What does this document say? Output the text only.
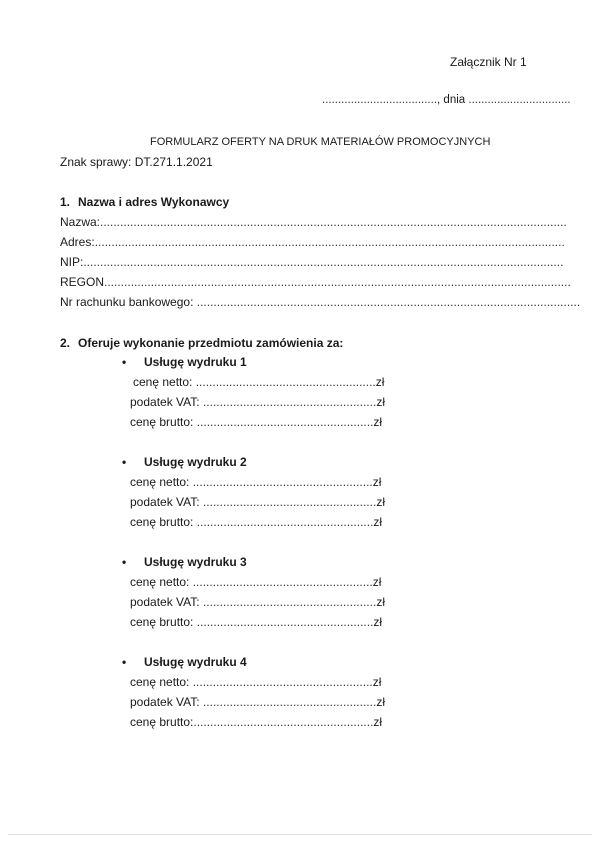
Załącznik Nr 1
...................................., dnia ................................
FORMULARZ OFERTY NA DRUK MATERIAŁÓW PROMOCYJNYCH
Znak sprawy: DT.271.1.2021
1. Nazwa i adres Wykonawcy
Nazwa:............................................................................................................................................
Adres:.............................................................................................................................................
NIP:................................................................................................................................................
REGON............................................................................................................................................
Nr rachunku bankowego: ...................................................................................................................
2. Oferuje wykonanie przedmiotu zamówienia za:
• Usługę wydruku 1
cenę netto: ......................................................zł
podatek VAT: ....................................................zł
cenę brutto: .....................................................zł
• Usługę wydruku 2
cenę netto: ......................................................zł
podatek VAT: ....................................................zł
cenę brutto: .....................................................zł
• Usługę wydruku 3
cenę netto: ......................................................zł
podatek VAT: ....................................................zł
cenę brutto: .....................................................zł
• Usługę wydruku 4
cenę netto: ......................................................zł
podatek VAT: ....................................................zł
cenę brutto:......................................................zł
